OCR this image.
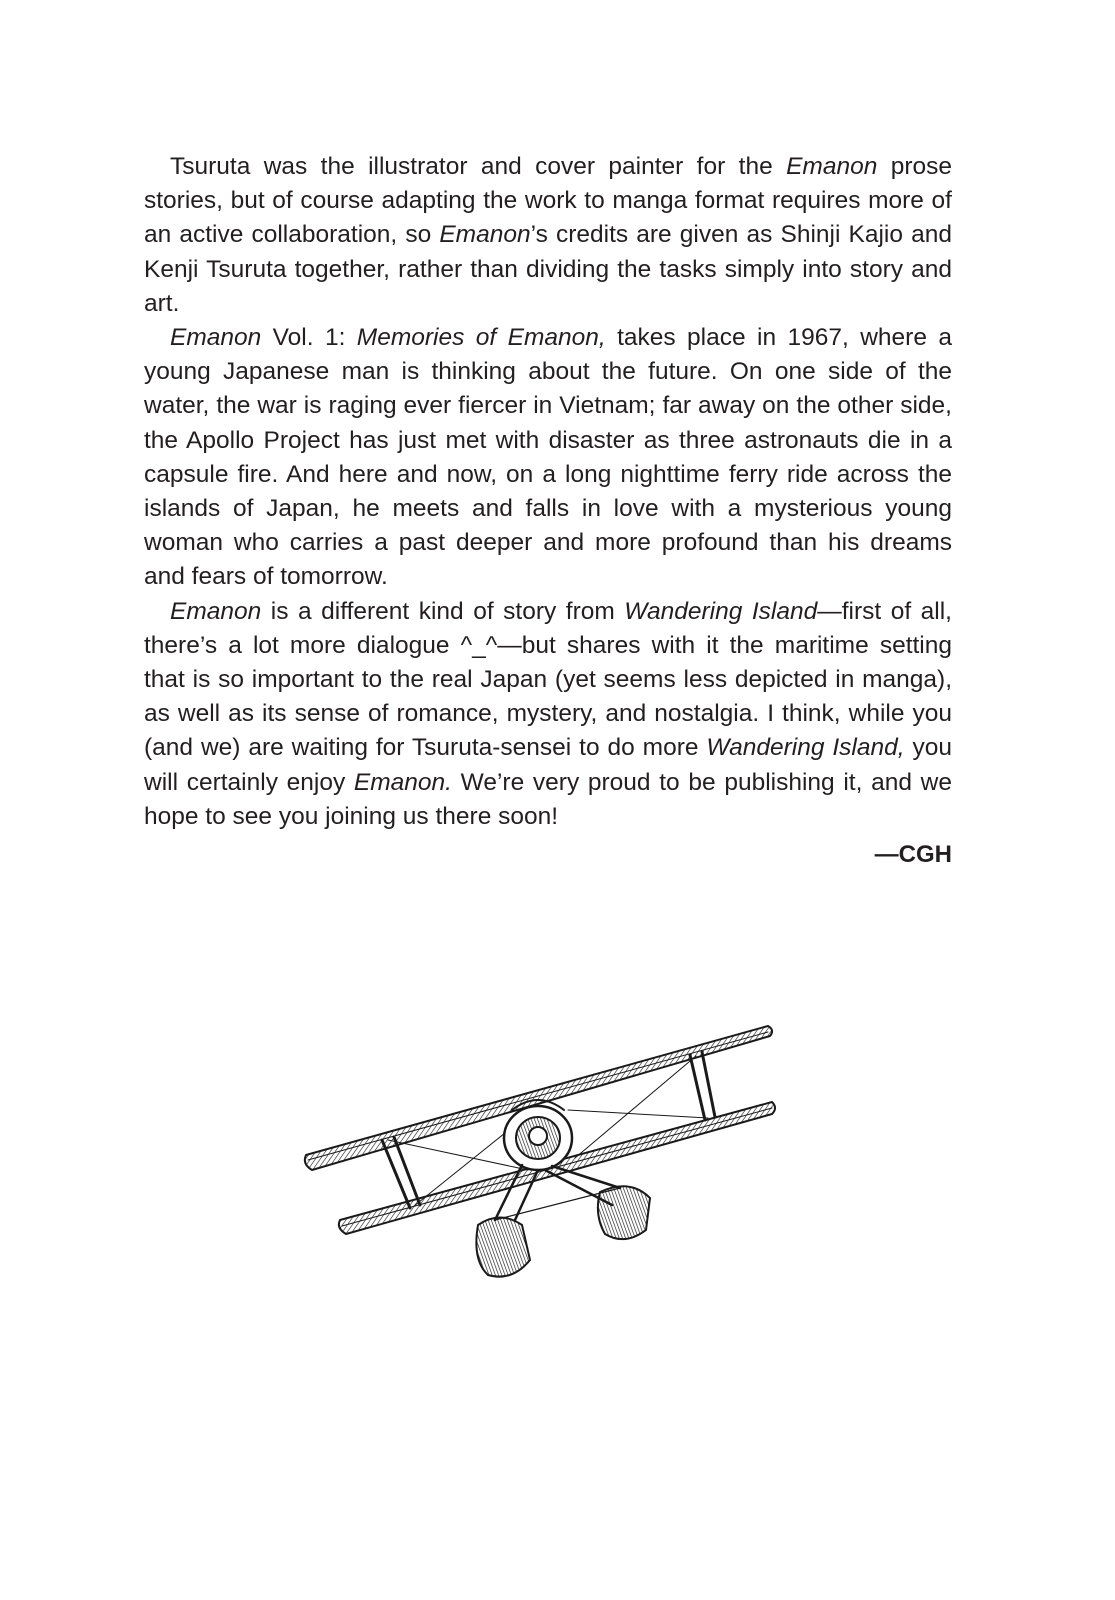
Tsuruta was the illustrator and cover painter for the Emanon prose stories, but of course adapting the work to manga format requires more of an active collaboration, so Emanon’s credits are given as Shinji Kajio and Kenji Tsuruta together, rather than dividing the tasks simply into story and art.

Emanon Vol. 1: Memories of Emanon, takes place in 1967, where a young Japanese man is thinking about the future. On one side of the water, the war is raging ever fiercer in Vietnam; far away on the other side, the Apollo Project has just met with disaster as three astronauts die in a capsule fire. And here and now, on a long nighttime ferry ride across the islands of Japan, he meets and falls in love with a mysterious young woman who carries a past deeper and more profound than his dreams and fears of tomorrow.

Emanon is a different kind of story from Wandering Island—first of all, there’s a lot more dialogue ^_^—but shares with it the maritime setting that is so important to the real Japan (yet seems less depicted in manga), as well as its sense of romance, mystery, and nostalgia. I think, while you (and we) are waiting for Tsuruta-sensei to do more Wandering Island, you will certainly enjoy Emanon. We’re very proud to be publishing it, and we hope to see you joining us there soon!

—CGH
